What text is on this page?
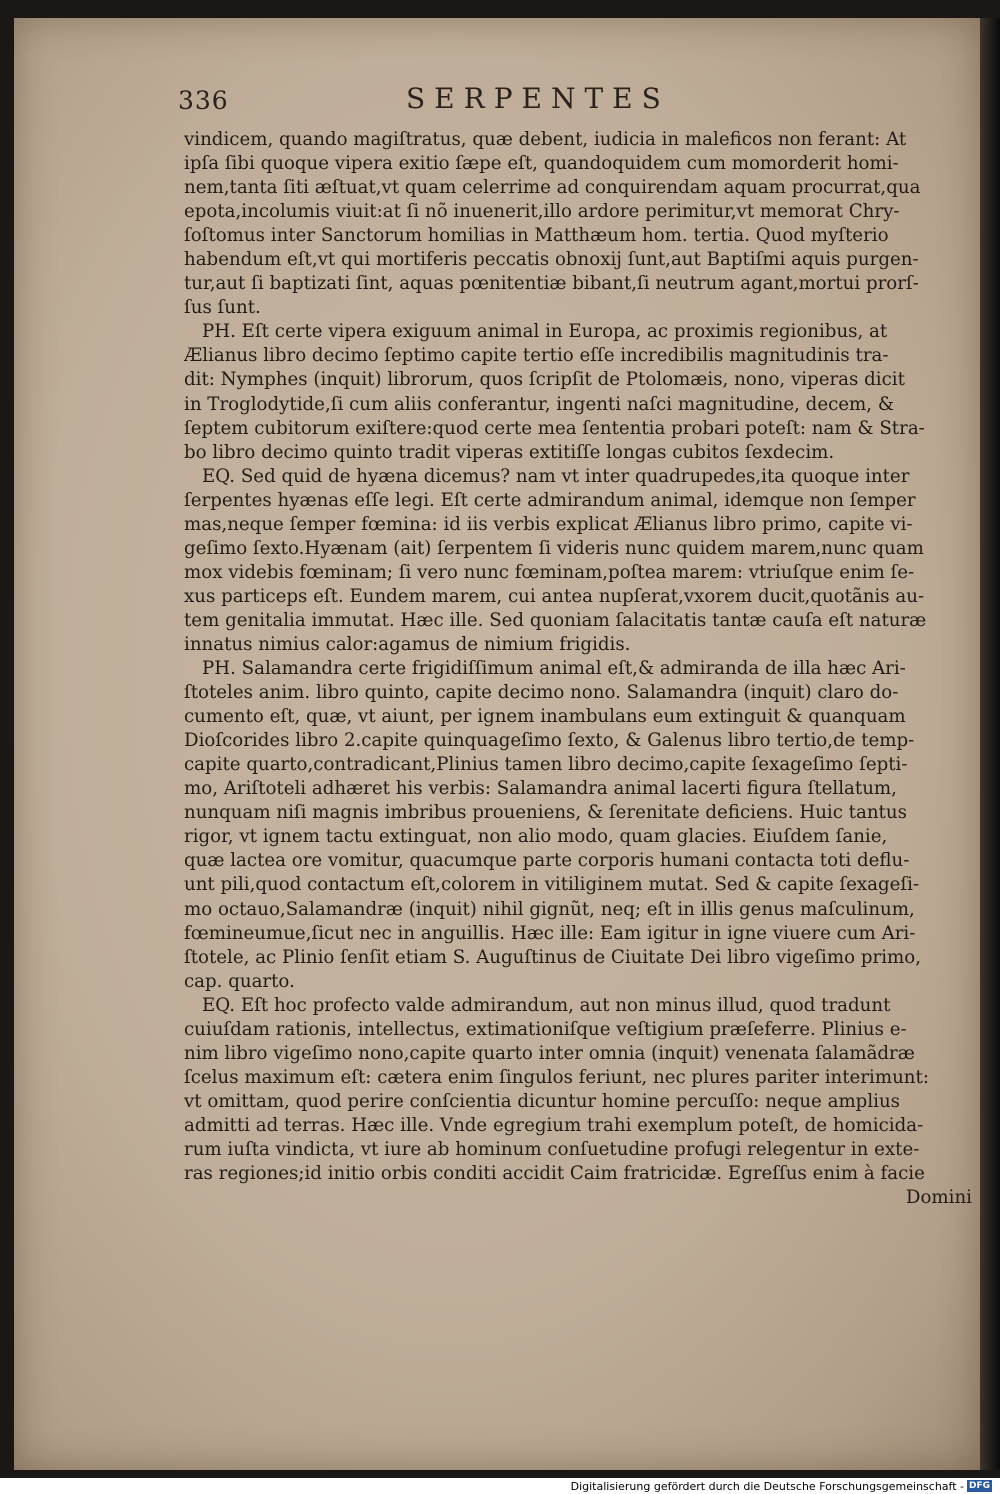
336	SERPENTES
vindicem, quando magiſtratus, quæ debent, iudicia in maleficos non ferant: At
ipſa ſibi quoque vipera exitio ſæpe eſt, quandoquidem cum momorderit homi-
nem,tanta ſiti æſtuat,vt quam celerrime ad conquirendam aquam procurrat,qua
epota,incolumis viuit:at ſi nõ inuenerit,illo ardore perimitur,vt memorat Chry-
ſoſtomus inter Sanctorum homilias in Matthæum hom. tertia. Quod myſterio
habendum eſt,vt qui mortiferis peccatis obnoxij ſunt,aut Baptiſmi aquis purgen-
tur,aut ſi baptizati ſint, aquas pœnitentiæ bibant,ſi neutrum agant,mortui prorſ-
ſus ſunt.
PH. Eſt certe vipera exiguum animal in Europa, ac proximis regionibus, at
Ælianus libro decimo ſeptimo capite tertio eſſe incredibilis magnitudinis tra-
dit: Nymphes (inquit) librorum, quos ſcripſit de Ptolomæis, nono, viperas dicit
in Troglodytide,ſi cum aliis conferantur, ingenti naſci magnitudine, decem, &
ſeptem cubitorum exiſtere:quod certe mea ſententia probari poteſt: nam & Stra-
bo libro decimo quinto tradit viperas extitiſſe longas cubitos ſexdecim.
EQ. Sed quid de hyæna dicemus? nam vt inter quadrupedes,ita quoque inter
ſerpentes hyænas eſſe legi. Eſt certe admirandum animal, idemque non ſemper
mas,neque ſemper fœmina: id iis verbis explicat Ælianus libro primo, capite vi-
geſimo ſexto.Hyænam (ait) ſerpentem ſi videris nunc quidem marem,nunc quam
mox videbis fœminam; ſi vero nunc fœminam,poſtea marem: vtriuſque enim ſe-
xus particeps eſt. Eundem marem, cui antea nupſerat,vxorem ducit,quotãnis au-
tem genitalia immutat. Hæc ille. Sed quoniam ſalacitatis tantæ cauſa eſt naturæ
innatus nimius calor:agamus de nimium frigidis.
PH. Salamandra certe frigidiſſimum animal eſt,& admiranda de illa hæc Ari-
ſtoteles anim. libro quinto, capite decimo nono. Salamandra (inquit) claro do-
cumento eſt, quæ, vt aiunt, per ignem inambulans eum extinguit & quanquam
Dioſcorides libro 2.capite quinquageſimo ſexto, & Galenus libro tertio,de temp-
capite quarto,contradicant,Plinius tamen libro decimo,capite ſexageſimo ſepti-
mo, Ariſtoteli adhæret his verbis: Salamandra animal lacerti figura ſtellatum,
nunquam niſi magnis imbribus proueniens, & ſerenitate deficiens. Huic tantus
rigor, vt ignem tactu extinguat, non alio modo, quam glacies. Eiuſdem ſanie,
quæ lactea ore vomitur, quacumque parte corporis humani contacta toti deflu-
unt pili,quod contactum eſt,colorem in vitiliginem mutat. Sed & capite ſexageſi-
mo octauo,Salamandræ (inquit) nihil gignũt, neq; eſt in illis genus maſculinum,
fœmineumue,ſicut nec in anguillis. Hæc ille: Eam igitur in igne viuere cum Ari-
ſtotele, ac Plinio ſenſit etiam S. Auguſtinus de Ciuitate Dei libro vigeſimo primo,
cap. quarto.
EQ. Eſt hoc profecto valde admirandum, aut non minus illud, quod tradunt
cuiuſdam rationis, intellectus, extimationiſque veſtigium præſeferre. Plinius e-
nim libro vigeſimo nono,capite quarto inter omnia (inquit) venenata ſalamãdræ
ſcelus maximum eſt: cætera enim ſingulos feriunt, nec plures pariter interimunt:
vt omittam, quod perire conſcientia dicuntur homine percuſſo: neque amplius
admitti ad terras. Hæc ille. Vnde egregium trahi exemplum poteſt, de homicida-
rum iuſta vindicta, vt iure ab hominum conſuetudine profugi relegentur in exte-
ras regiones;id initio orbis conditi accidit Caim fratricidæ. Egreſſus enim à facie
Domini
Digitalisierung gefördert durch die Deutsche Forschungsgemeinschaft - DFG
